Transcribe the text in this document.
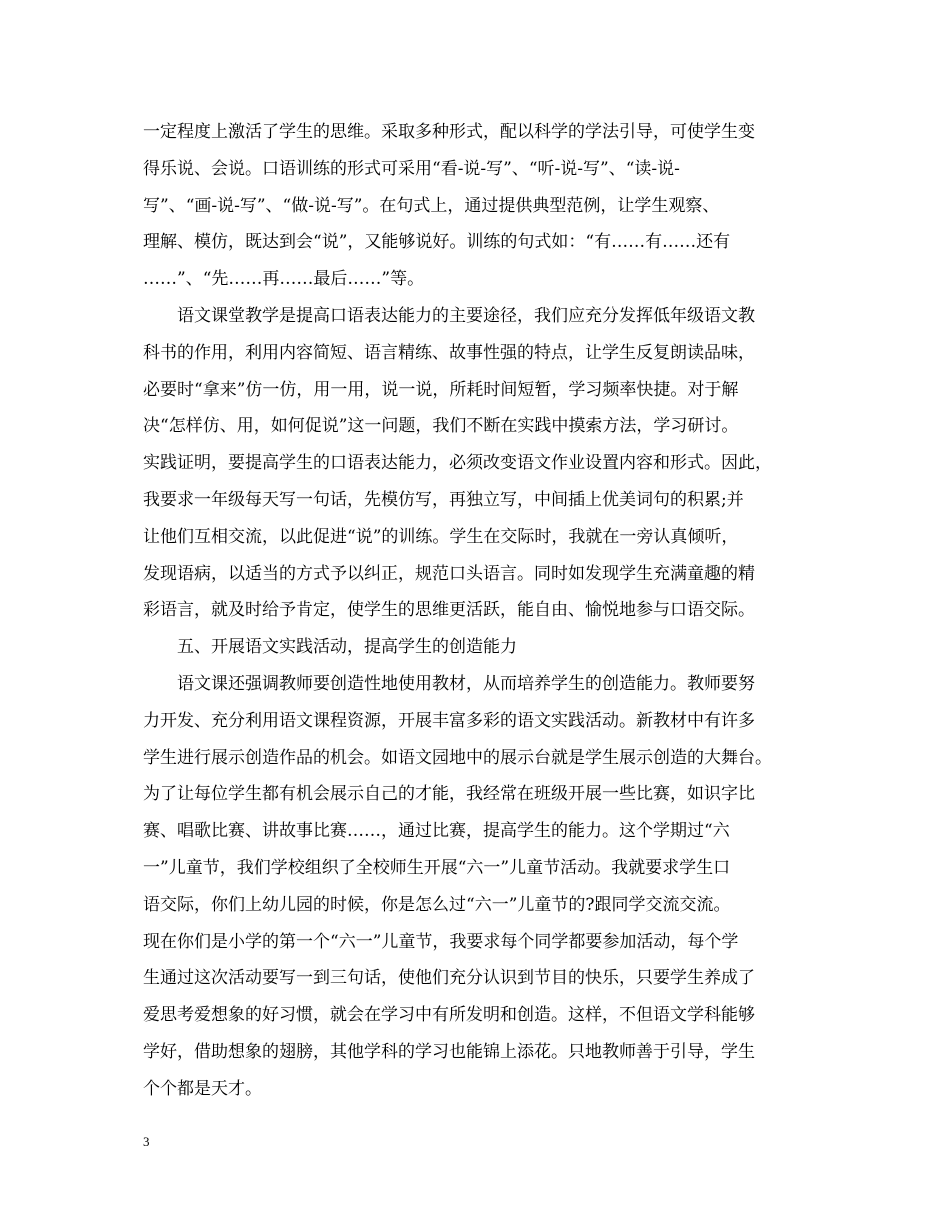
一定程度上激活了学生的思维。采取多种形式，配以科学的学法引导，可使学生变
得乐说、会说。口语训练的形式可采用“看-说-写”、“听-说-写”、“读-说-
写”、“画-说-写”、“做-说-写”。在句式上，通过提供典型范例，让学生观察、
理解、模仿，既达到会“说”，又能够说好。训练的句式如：“有……有……还有
……”、“先……再……最后……”等。
语文课堂教学是提高口语表达能力的主要途径，我们应充分发挥低年级语文教
科书的作用，利用内容简短、语言精练、故事性强的特点，让学生反复朗读品味，
必要时“拿来”仿一仿，用一用，说一说，所耗时间短暂，学习频率快捷。对于解
决“怎样仿、用，如何促说”这一问题，我们不断在实践中摸索方法，学习研讨。
实践证明，要提高学生的口语表达能力，必须改变语文作业设置内容和形式。因此，
我要求一年级每天写一句话，先模仿写，再独立写，中间插上优美词句的积累;并
让他们互相交流，以此促进“说”的训练。学生在交际时，我就在一旁认真倾听，
发现语病，以适当的方式予以纠正，规范口头语言。同时如发现学生充满童趣的精
彩语言，就及时给予肯定，使学生的思维更活跃，能自由、愉悦地参与口语交际。
五、开展语文实践活动，提高学生的创造能力
语文课还强调教师要创造性地使用教材，从而培养学生的创造能力。教师要努
力开发、充分利用语文课程资源，开展丰富多彩的语文实践活动。新教材中有许多
学生进行展示创造作品的机会。如语文园地中的展示台就是学生展示创造的大舞台。
为了让每位学生都有机会展示自己的才能，我经常在班级开展一些比赛，如识字比
赛、唱歌比赛、讲故事比赛……，通过比赛，提高学生的能力。这个学期过“六
一”儿童节，我们学校组织了全校师生开展“六一”儿童节活动。我就要求学生口
语交际，你们上幼儿园的时候，你是怎么过“六一”儿童节的?跟同学交流交流。
现在你们是小学的第一个“六一”儿童节，我要求每个同学都要参加活动，每个学
生通过这次活动要写一到三句话，使他们充分认识到节目的快乐，只要学生养成了
爱思考爱想象的好习惯，就会在学习中有所发明和创造。这样，不但语文学科能够
学好，借助想象的翅膀，其他学科的学习也能锦上添花。只地教师善于引导，学生
个个都是天才。
3
